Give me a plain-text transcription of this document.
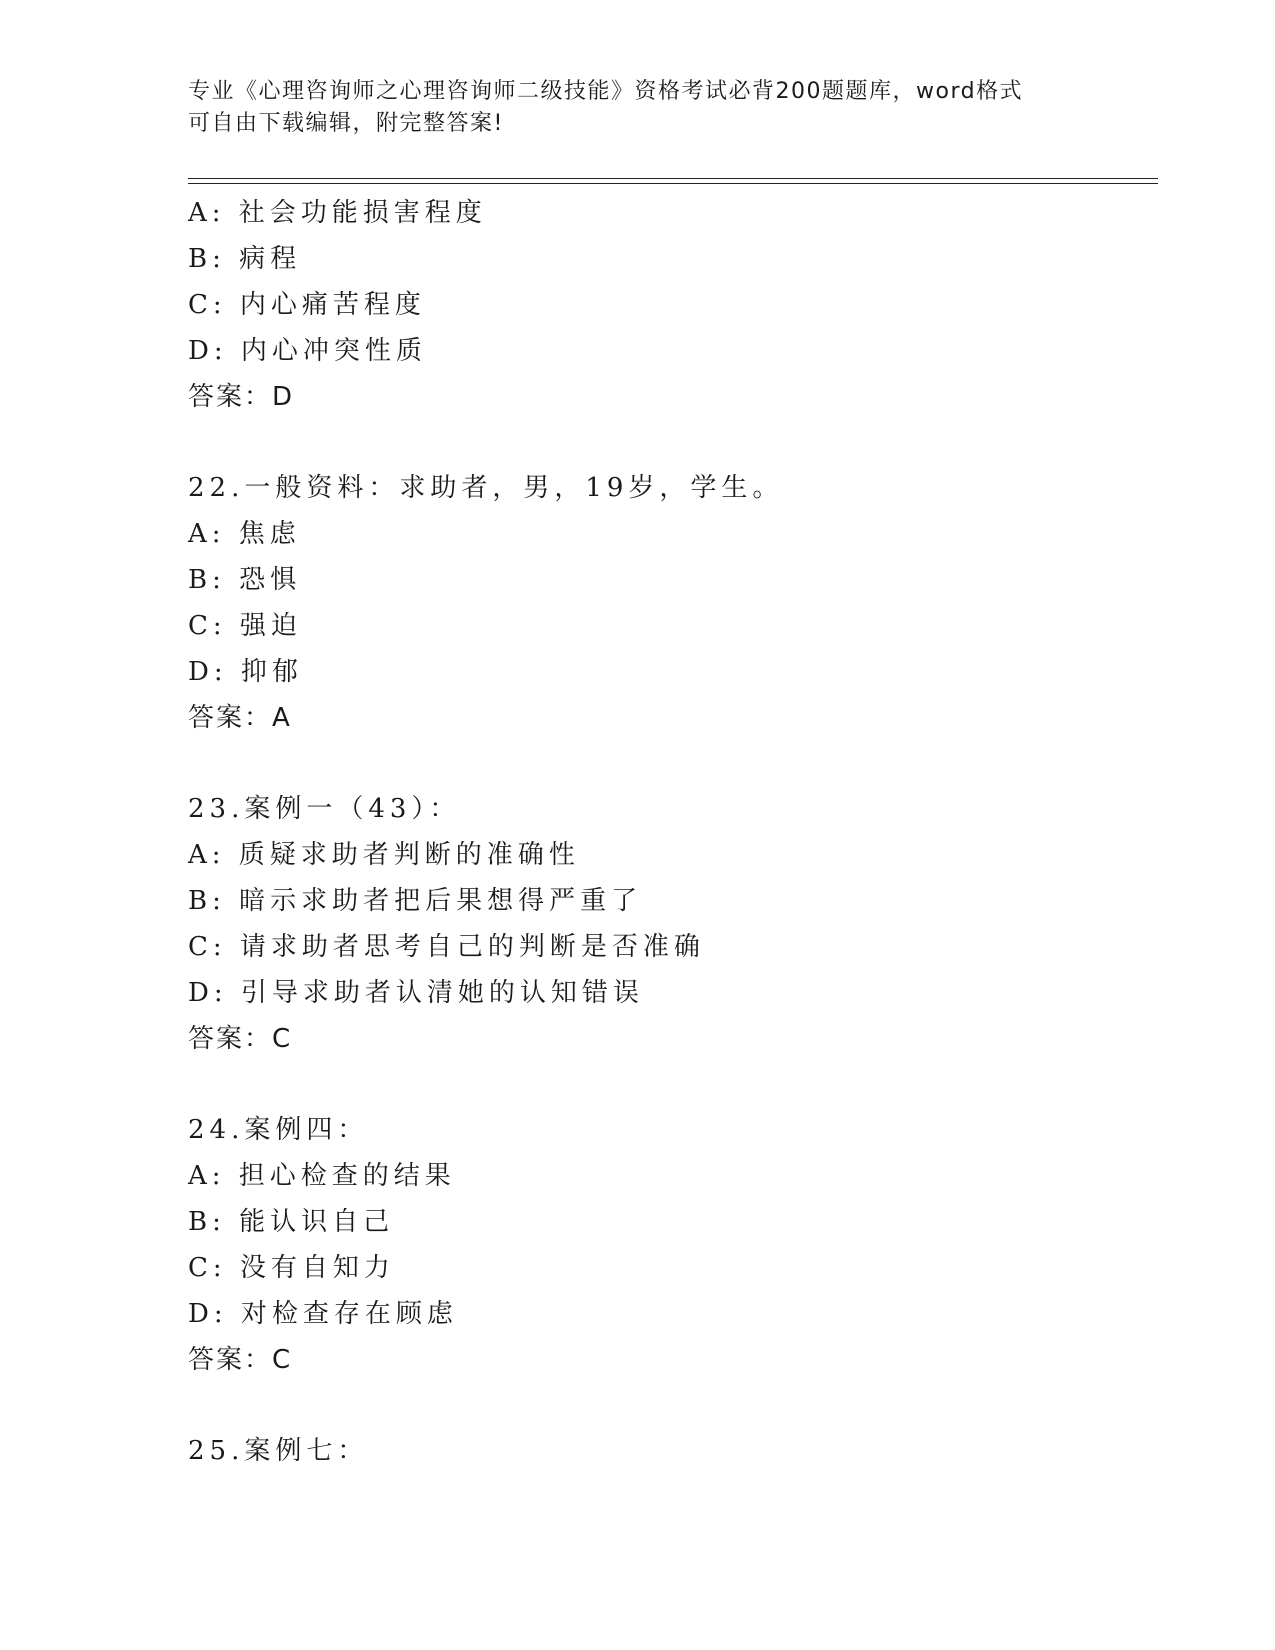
专业《心理咨询师之心理咨询师二级技能》资格考试必背200题题库，word格式
可自由下载编辑，附完整答案!
A: 社会功能损害程度
B: 病程
C: 内心痛苦程度
D: 内心冲突性质
答案：D
22.一般资料：求助者，男，19岁，学生。
A: 焦虑
B: 恐惧
C: 强迫
D: 抑郁
答案：A
23.案例一（43）：
A: 质疑求助者判断的准确性
B: 暗示求助者把后果想得严重了
C: 请求助者思考自己的判断是否准确
D: 引导求助者认清她的认知错误
答案：C
24.案例四：
A: 担心检查的结果
B: 能认识自己
C: 没有自知力
D: 对检查存在顾虑
答案：C
25.案例七：
